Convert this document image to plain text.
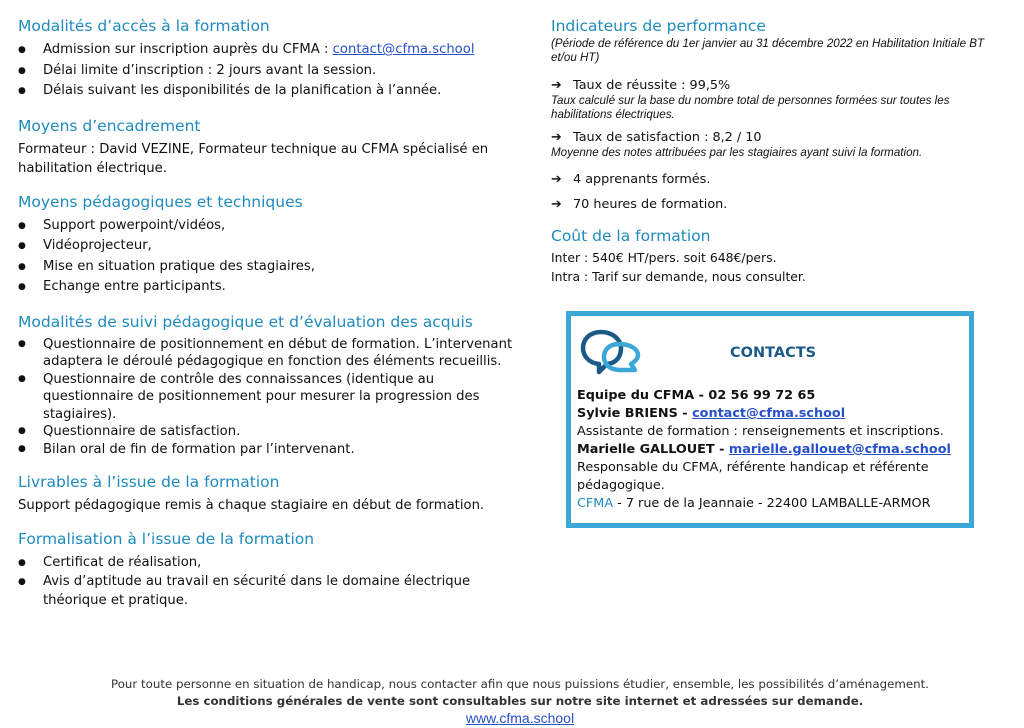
Modalités d’accès à la formation
● Admission sur inscription auprès du CFMA : contact@cfma.school
● Délai limite d’inscription : 2 jours avant la session.
● Délais suivant les disponibilités de la planification à l’année.
Moyens d’encadrement
Formateur : David VEZINE, Formateur technique au CFMA spécialisé en habilitation électrique.
Moyens pédagogiques et techniques
● Support powerpoint/vidéos,
● Vidéoprojecteur,
● Mise en situation pratique des stagiaires,
● Echange entre participants.
Modalités de suivi pédagogique et d’évaluation des acquis
● Questionnaire de positionnement en début de formation. L’intervenant adaptera le déroulé pédagogique en fonction des éléments recueillis.
● Questionnaire de contrôle des connaissances (identique au questionnaire de positionnement pour mesurer la progression des stagiaires).
● Questionnaire de satisfaction.
● Bilan oral de fin de formation par l’intervenant.
Livrables à l’issue de la formation
Support pédagogique remis à chaque stagiaire en début de formation.
Formalisation à l’issue de la formation
● Certificat de réalisation,
● Avis d’aptitude au travail en sécurité dans le domaine électrique théorique et pratique.
Indicateurs de performance
(Période de référence du 1er janvier au 31 décembre 2022 en Habilitation Initiale BT et/ou HT)
➔ Taux de réussite : 99,5%
Taux calculé sur la base du nombre total de personnes formées sur toutes les habilitations électriques.
➔ Taux de satisfaction : 8,2 / 10
Moyenne des notes attribuées par les stagiaires ayant suivi la formation.
➔ 4 apprenants formés.
➔ 70 heures de formation.
Coût de la formation
Inter : 540€ HT/pers. soit 648€/pers.
Intra : Tarif sur demande, nous consulter.
CONTACTS
Equipe du CFMA - 02 56 99 72 65
Sylvie BRIENS - contact@cfma.school
Assistante de formation : renseignements et inscriptions.
Marielle GALLOUET - marielle.gallouet@cfma.school
Responsable du CFMA, référente handicap et référente pédagogique.
CFMA - 7 rue de la Jeannaie - 22400 LAMBALLE-ARMOR
Pour toute personne en situation de handicap, nous contacter afin que nous puissions étudier, ensemble, les possibilités d’aménagement.
Les conditions générales de vente sont consultables sur notre site internet et adressées sur demande.
www.cfma.school
